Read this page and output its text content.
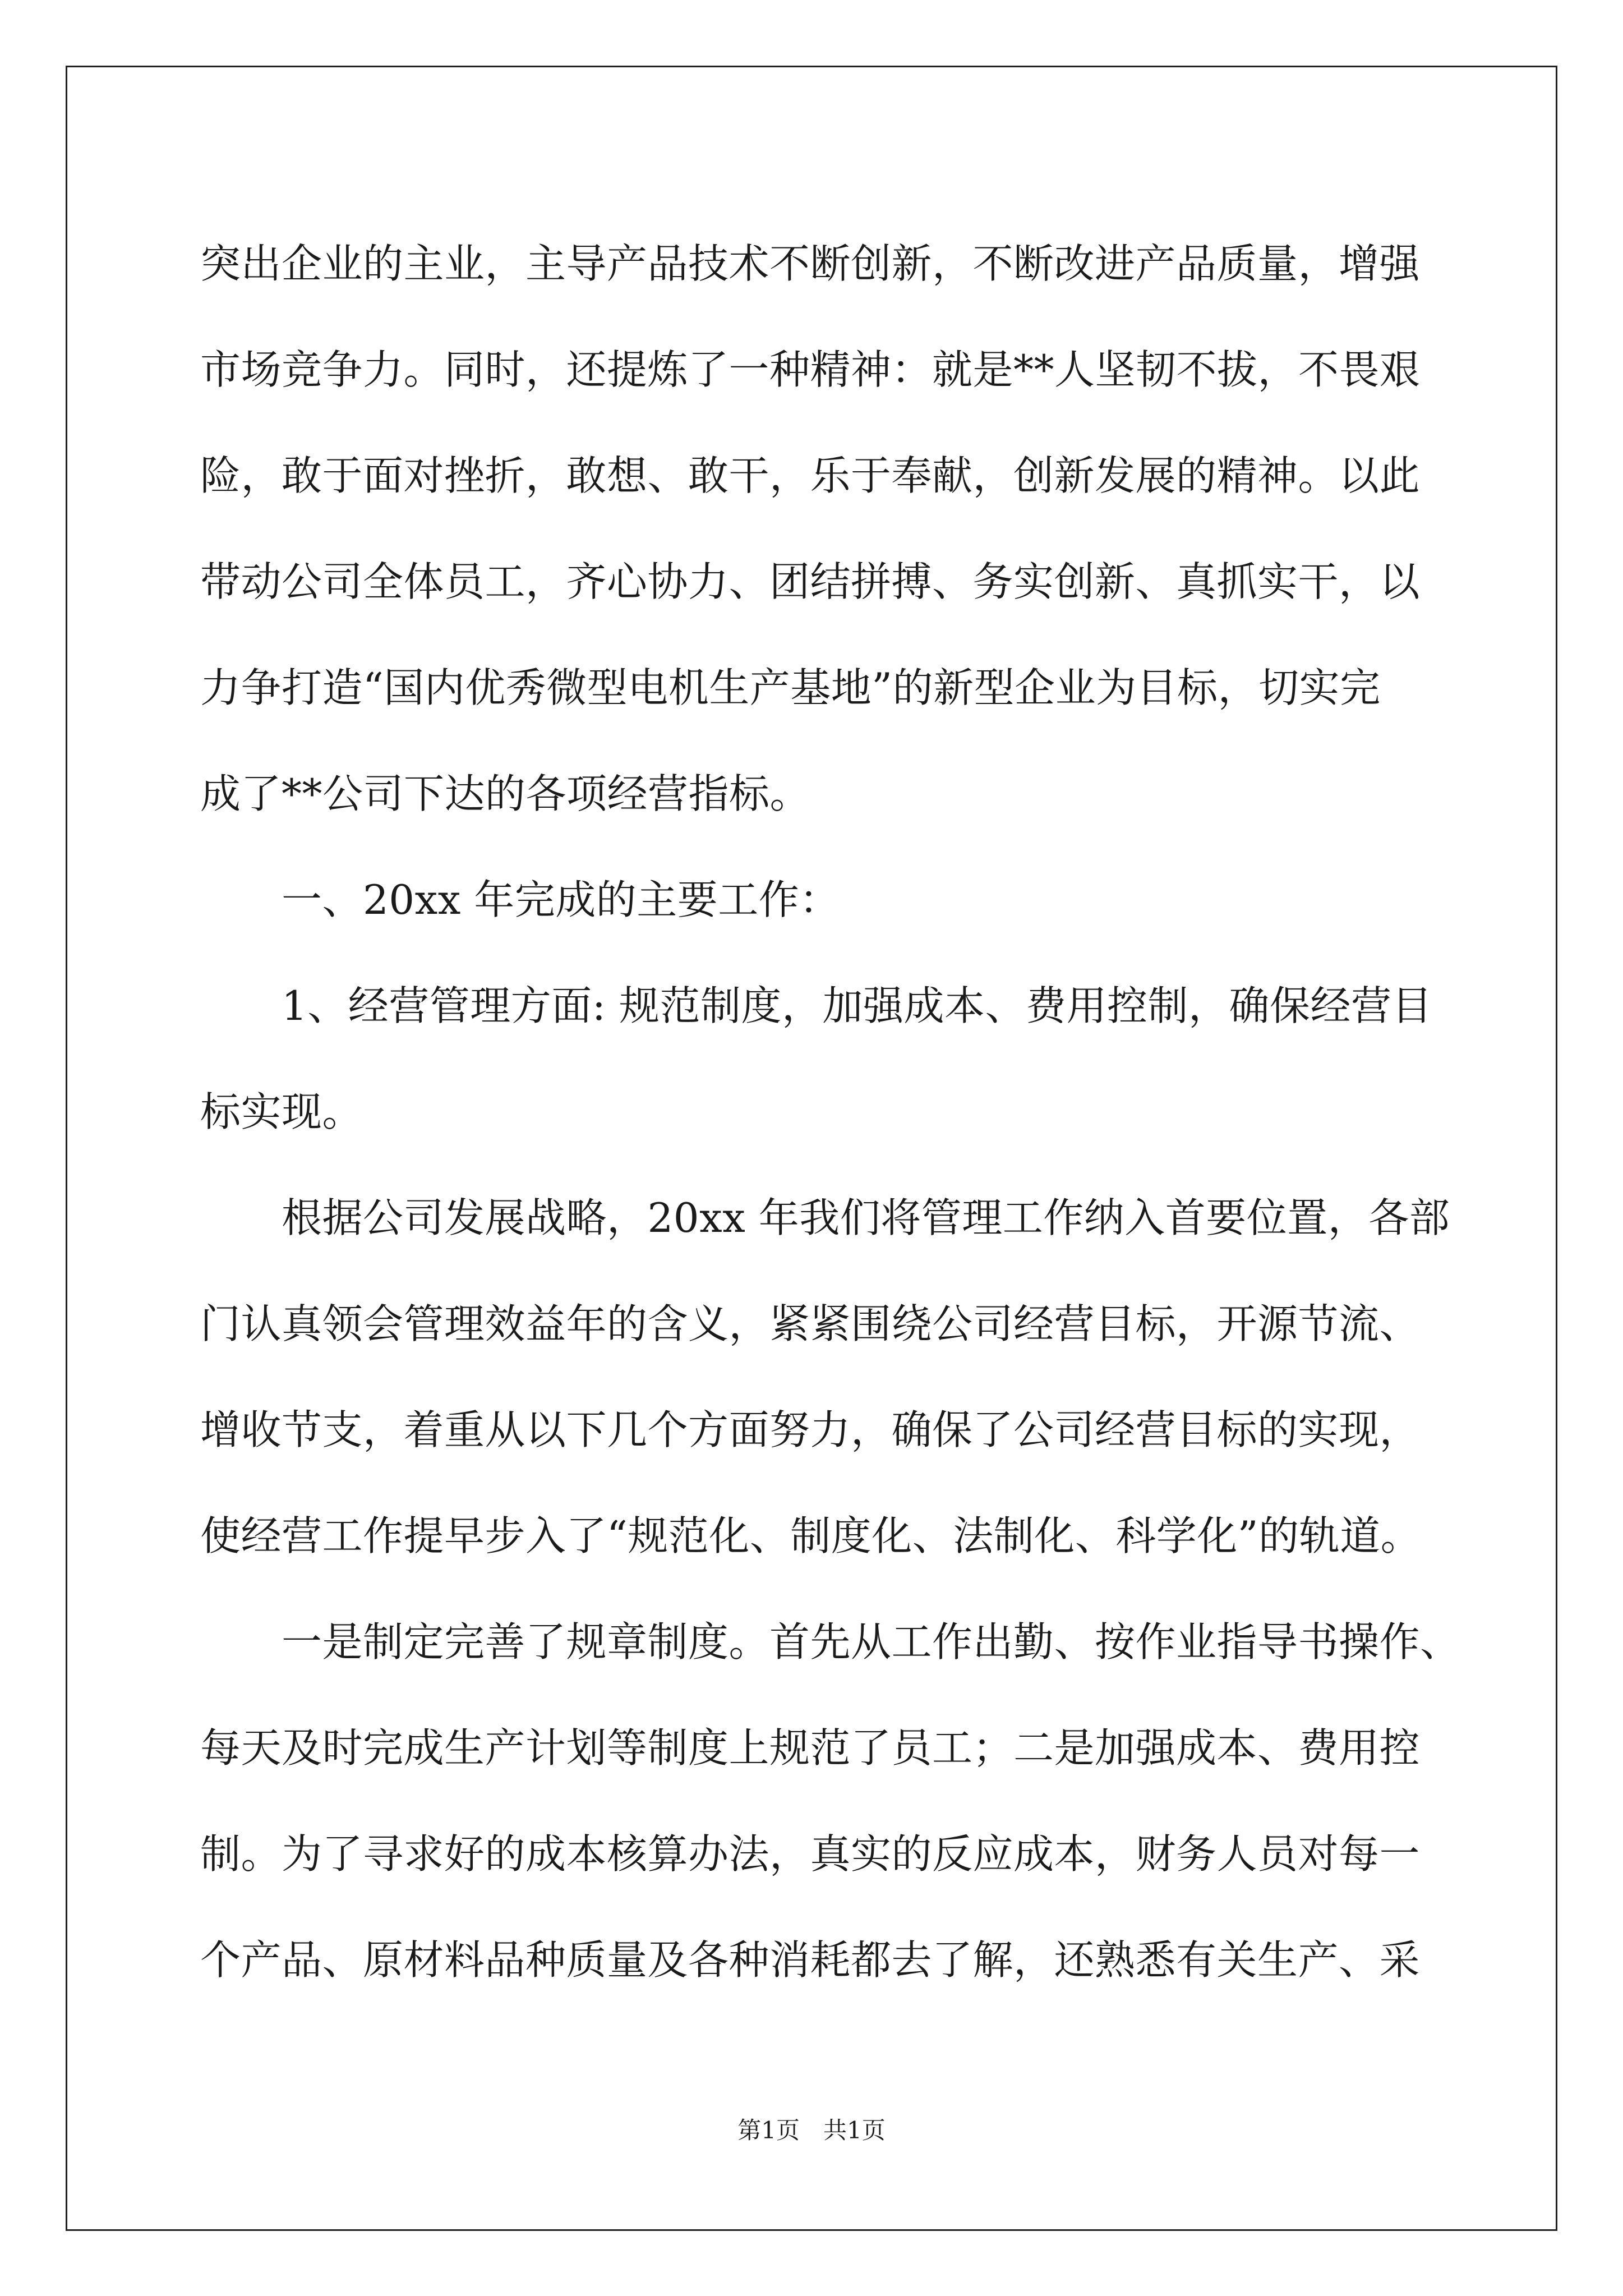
突出企业的主业，主导产品技术不断创新，不断改进产品质量，增强
市场竞争力。同时，还提炼了一种精神：就是**人坚韧不拔，不畏艰
险，敢于面对挫折，敢想、敢干，乐于奉献，创新发展的精神。以此
带动公司全体员工，齐心协力、团结拼搏、务实创新、真抓实干，以
力争打造“国内优秀微型电机生产基地”的新型企业为目标，切实完
成了**公司下达的各项经营指标。
一、20xx 年完成的主要工作：
1、经营管理方面: 规范制度，加强成本、费用控制，确保经营目
标实现。
根据公司发展战略，20xx 年我们将管理工作纳入首要位置，各部
门认真领会管理效益年的含义，紧紧围绕公司经营目标，开源节流、
增收节支，着重从以下几个方面努力，确保了公司经营目标的实现，
使经营工作提早步入了“规范化、制度化、法制化、科学化”的轨道。
一是制定完善了规章制度。首先从工作出勤、按作业指导书操作、
每天及时完成生产计划等制度上规范了员工；二是加强成本、费用控
制。为了寻求好的成本核算办法，真实的反应成本，财务人员对每一
个产品、原材料品种质量及各种消耗都去了解，还熟悉有关生产、采
第1页　共1页
